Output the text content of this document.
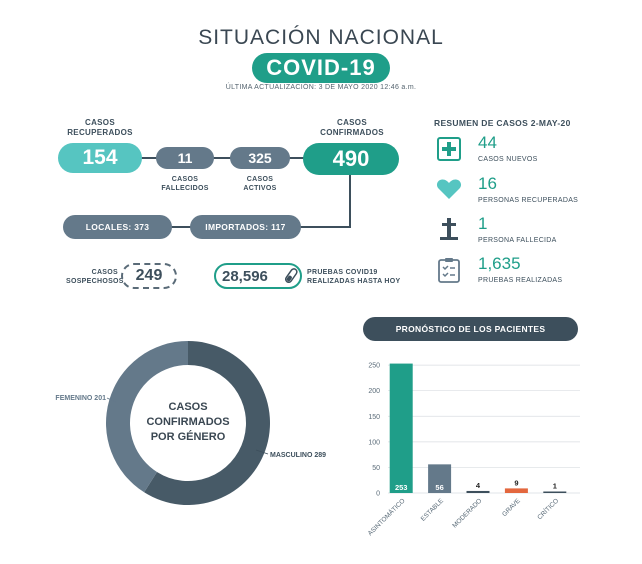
SITUACIÓN NACIONAL
COVID-19
ÚLTIMA ACTUALIZACIÓN: 3 DE MAYO 2020 12:46 a.m.
CASOS RECUPERADOS
154	11
CASOS FALLECIDOS
325
CASOS ACTIVOS
CASOS CONFIRMADOS
490
LOCALES: 373	IMPORTADOS: 117
CASOS SOSPECHOSOS 249	28,596	PRUEBAS COVID19 REALIZADAS HASTA HOY
RESUMEN DE CASOS 2-MAY-20
44
CASOS NUEVOS
16
PERSONAS RECUPERADAS
1
PERSONA FALLECIDA
1,635
PRUEBAS REALIZADAS
MASCULINO 289
FEMENINO 201
CASOS CONFIRMADOS POR GÉNERO
PRONÓSTICO DE LOS PACIENTES
0
50
100
150
200
250
253
ASINTOMÁTICO
56
ESTABLE
4
MODERADO
9
GRAVE
1
CRÍTICO
